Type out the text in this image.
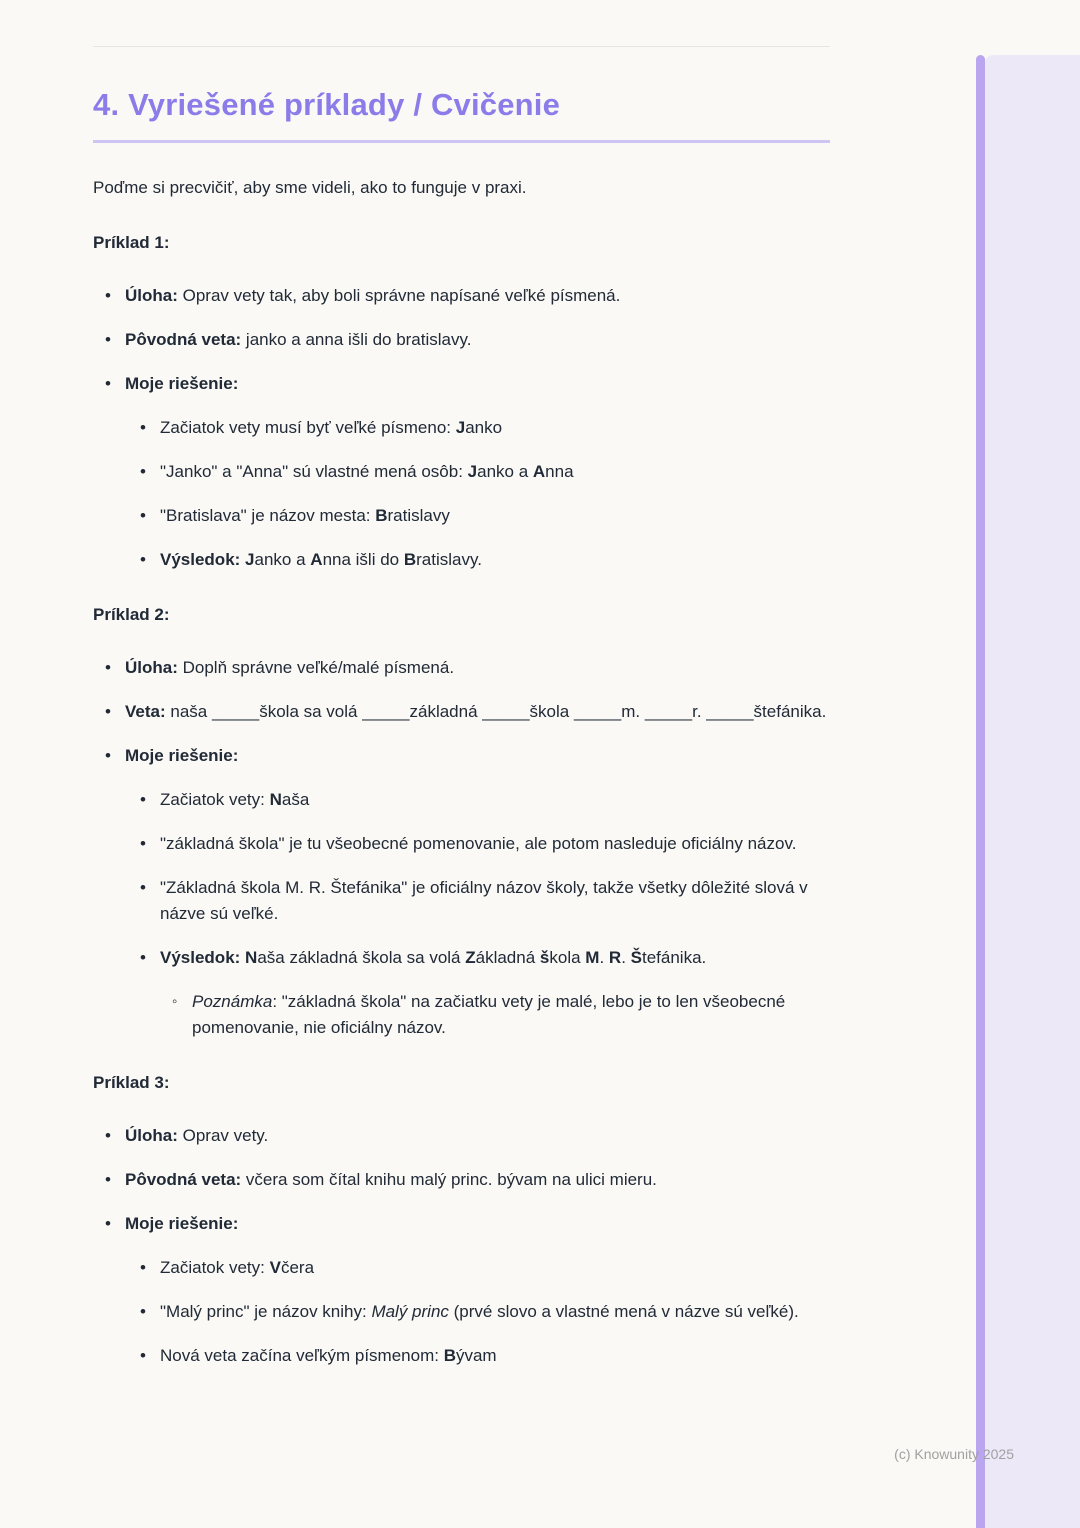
4. Vyriešené príklady / Cvičenie

Poďme si precvičiť, aby sme videli, ako to funguje v praxi.

Príklad 1:

• Úloha: Oprav vety tak, aby boli správne napísané veľké písmená.
• Pôvodná veta: janko a anna išli do bratislavy.
• Moje riešenie:
• Začiatok vety musí byť veľké písmeno: Janko
• "Janko" a "Anna" sú vlastné mená osôb: Janko a Anna
• "Bratislava" je názov mesta: Bratislavy
• Výsledok: Janko a Anna išli do Bratislavy.

Príklad 2:

• Úloha: Doplň správne veľké/malé písmená.
• Veta: naša _____škola sa volá _____základná _____škola _____m. _____r. _____štefánika.
• Moje riešenie:
• Začiatok vety: Naša
• "základná škola" je tu všeobecné pomenovanie, ale potom nasleduje oficiálny názov.
• "Základná škola M. R. Štefánika" je oficiálny názov školy, takže všetky dôležité slová v názve sú veľké.
• Výsledok: Naša základná škola sa volá Základná škola M. R. Štefánika.
◦ Poznámka: "základná škola" na začiatku vety je malé, lebo je to len všeobecné pomenovanie, nie oficiálny názov.

Príklad 3:

• Úloha: Oprav vety.
• Pôvodná veta: včera som čítal knihu malý princ. bývam na ulici mieru.
• Moje riešenie:
• Začiatok vety: Včera
• "Malý princ" je názov knihy: Malý princ (prvé slovo a vlastné mená v názve sú veľké).
• Nová veta začína veľkým písmenom: Bývam
(c) Knowunity 2025
